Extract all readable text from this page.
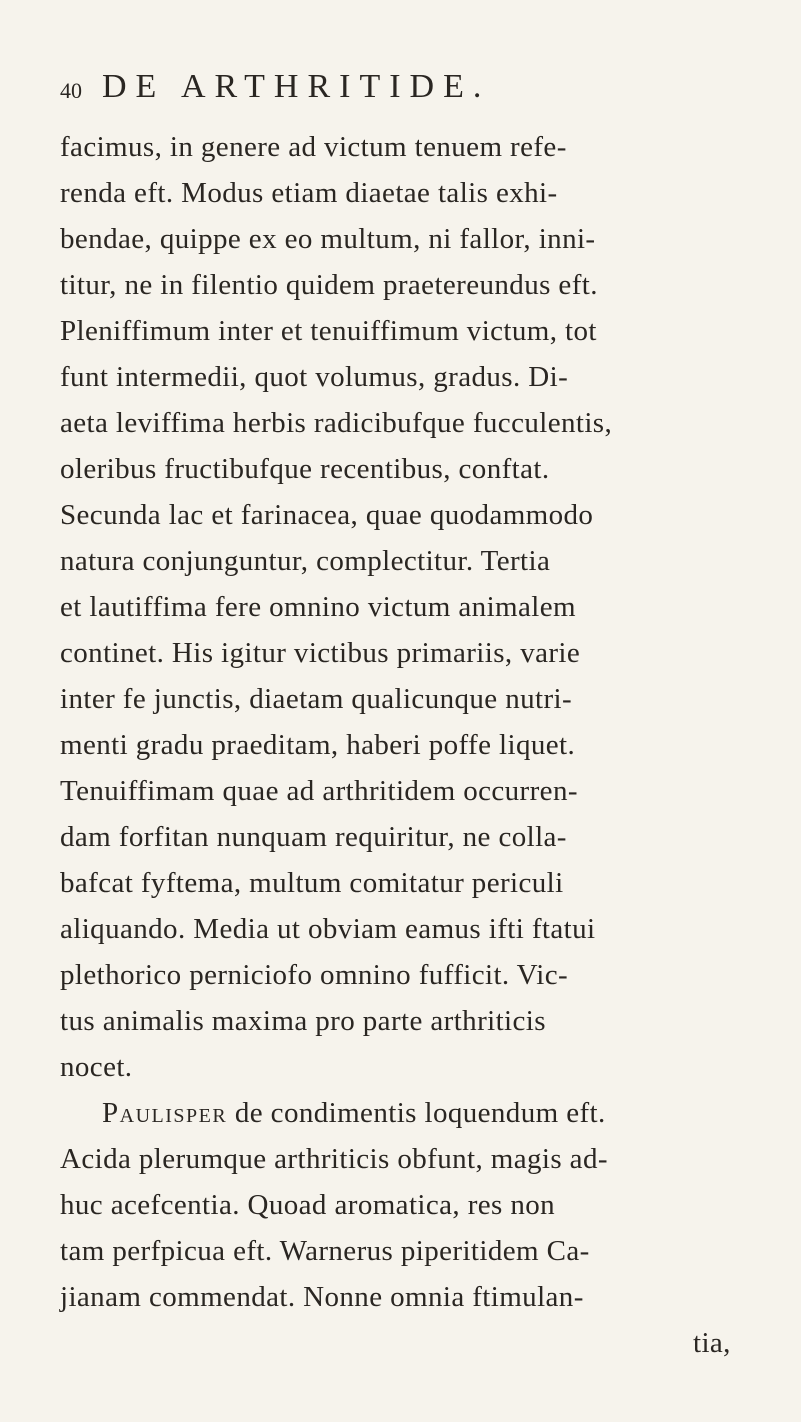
40 DE ARTHRITIDE.
facimus, in genere ad victum tenuem refe-
renda eft. Modus etiam diaetae talis exhi-
bendae, quippe ex eo multum, ni fallor, inni-
titur, ne in filentio quidem praetereundus eft.
Pleniffimum inter et tenuiffimum victum, tot
funt intermedii, quot volumus, gradus. Di-
aeta leviffima herbis radicibufque fucculentis,
oleribus fructibufque recentibus, conftat.
Secunda lac et farinacea, quae quodammodo
natura conjunguntur, complectitur. Tertia
et lautiffima fere omnino victum animalem
continet. His igitur victibus primariis, varie
inter fe junctis, diaetam qualicunque nutri-
menti gradu praeditam, haberi poffe liquet.
Tenuiffimam quae ad arthritidem occurren-
dam forfitan nunquam requiritur, ne colla-
bafcat fyftema, multum comitatur periculi
aliquando. Media ut obviam eamus ifti ftatui
plethorico perniciofo omnino fufficit. Vic-
tus animalis maxima pro parte arthriticis
nocet.
Paulisper de condimentis loquendum eft.
Acida plerumque arthriticis obfunt, magis ad-
huc acefcentia. Quoad aromatica, res non
tam perfpicua eft. Warnerus piperitidem Ca-
jianam commendat. Nonne omnia ftimulan-
tia,
